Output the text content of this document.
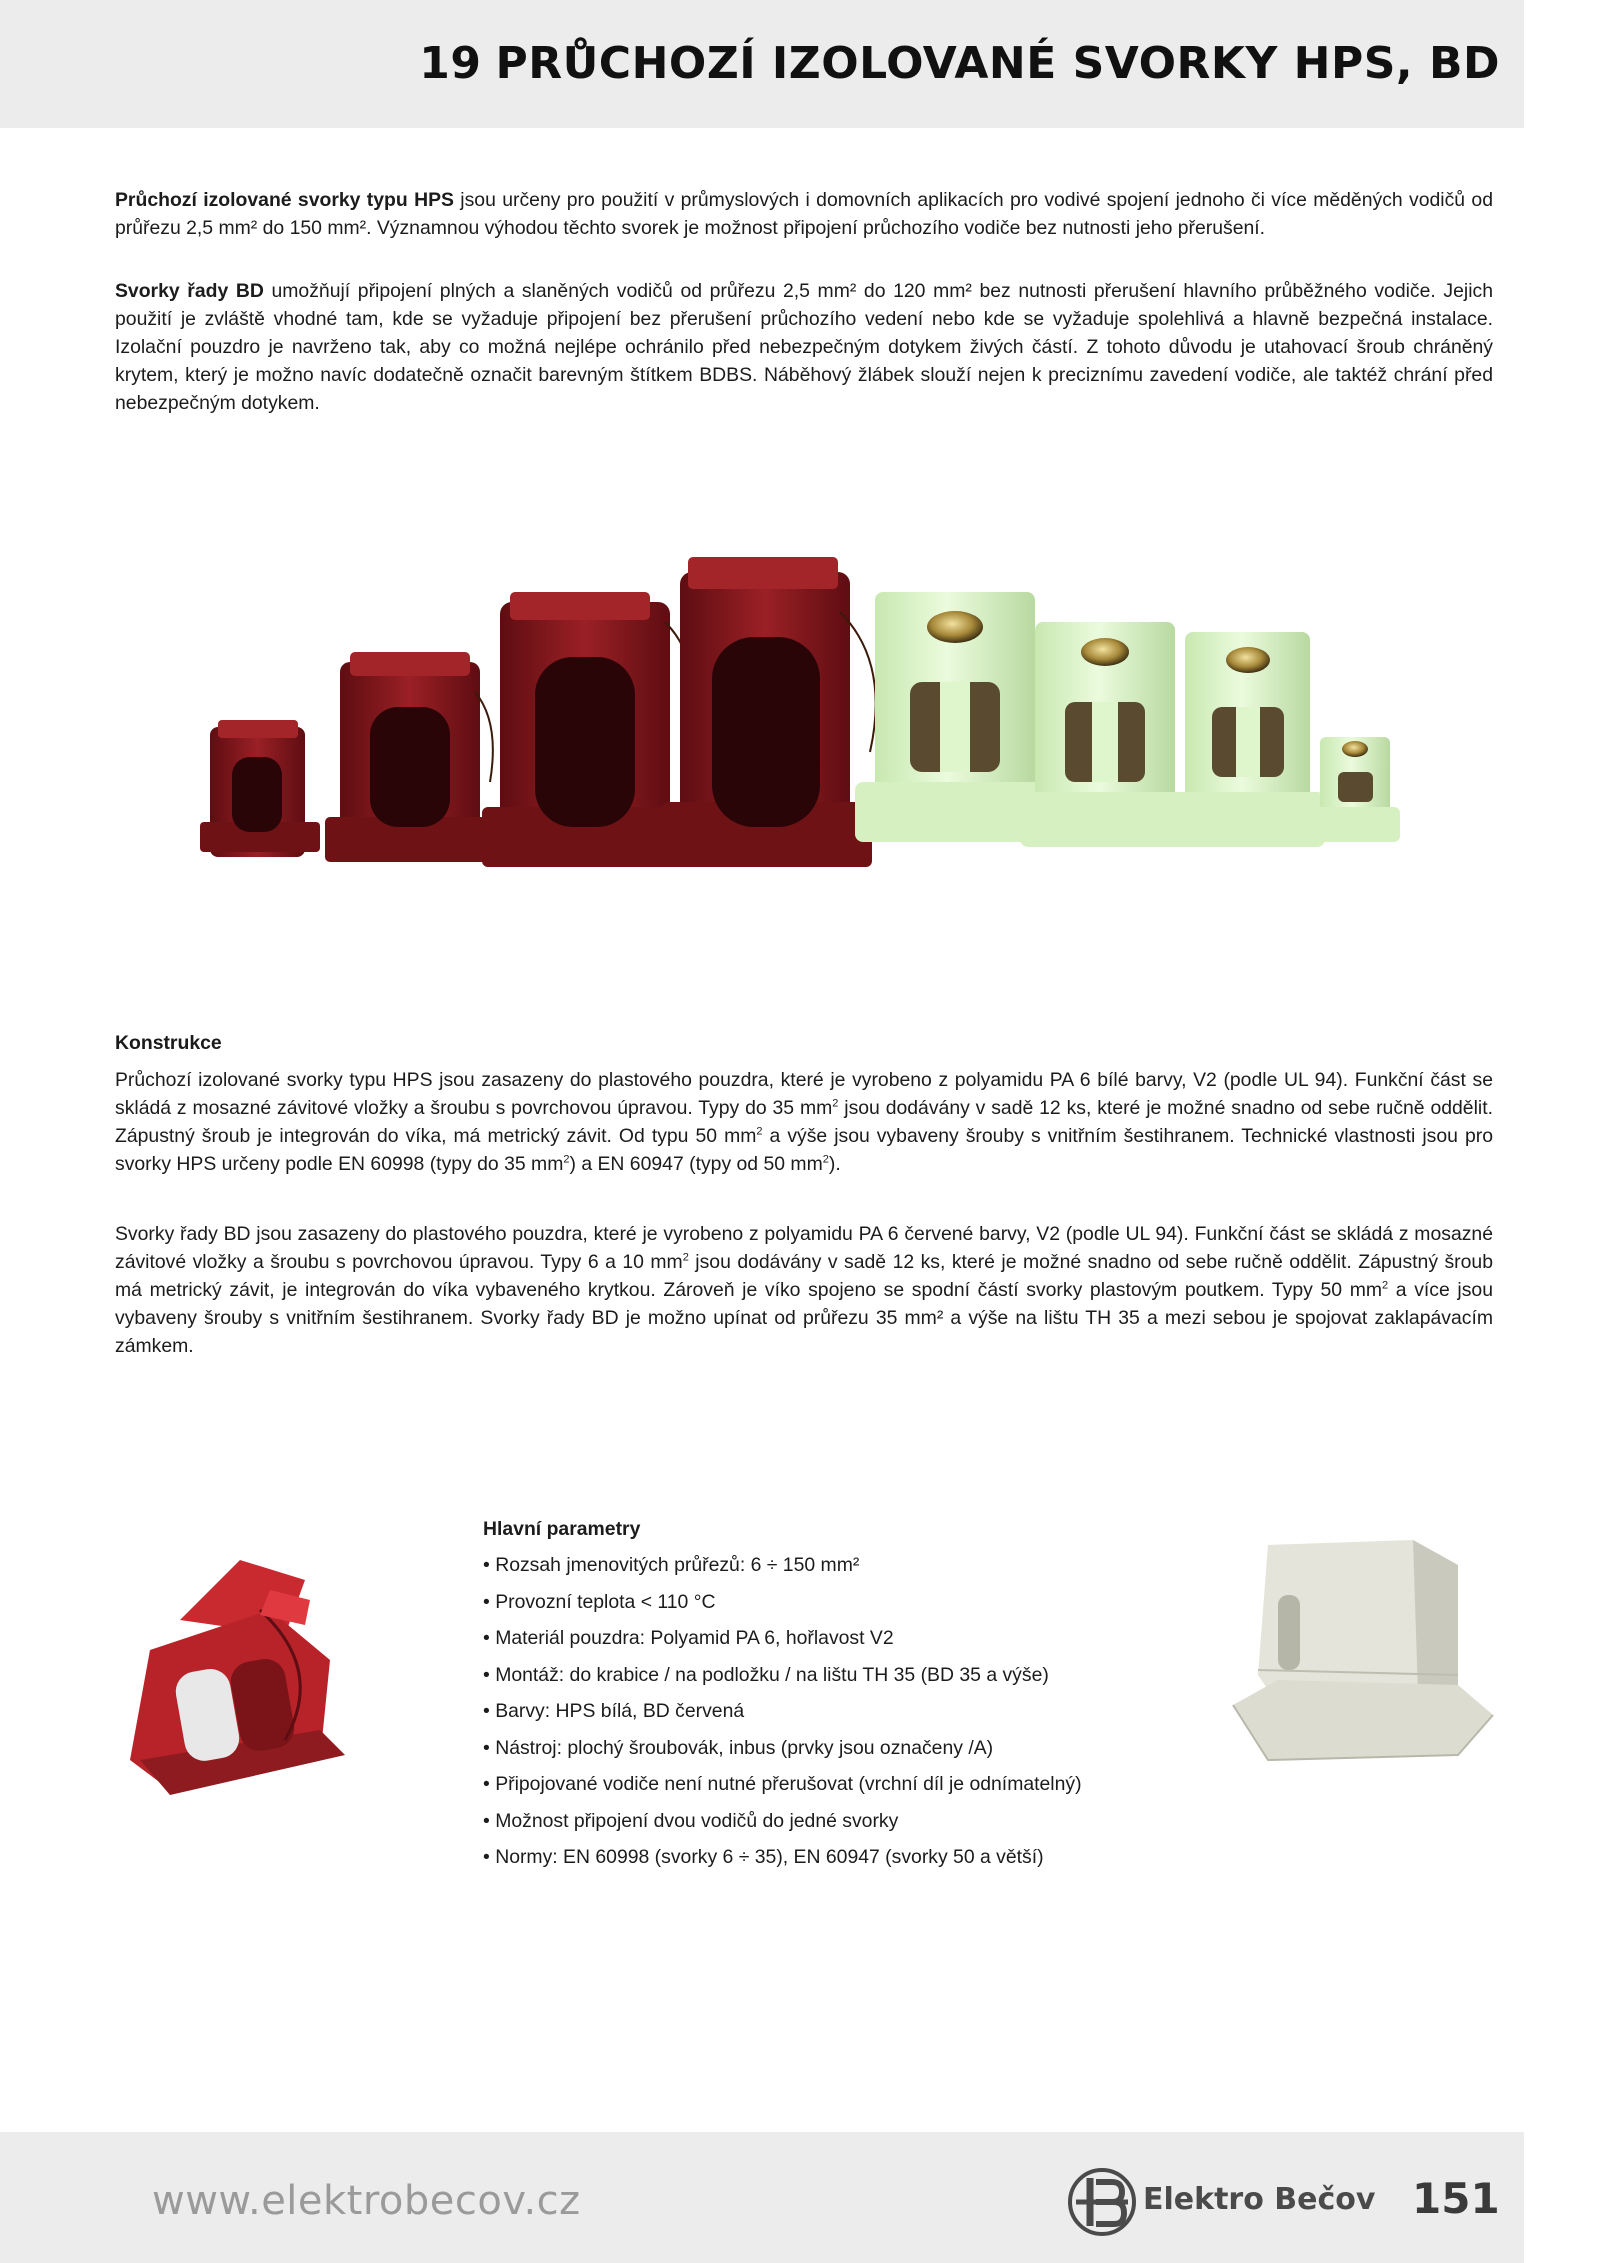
19 PRŮCHOZÍ IZOLOVANÉ SVORKY HPS, BD

Průchozí izolované svorky typu HPS jsou určeny pro použití v průmyslových i domovních aplikacích pro vodivé spojení jednoho či více měděných vodičů od průřezu 2,5 mm² do 150 mm². Významnou výhodou těchto svorek je možnost připojení průchozího vodiče bez nutnosti jeho přerušení.

Svorky řady BD umožňují připojení plných a slaněných vodičů od průřezu 2,5 mm² do 120 mm² bez nutnosti přerušení hlavního průběžného vodiče. Jejich použití je zvláště vhodné tam, kde se vyžaduje připojení bez přerušení průchozího vedení nebo kde se vyžaduje spolehlivá a hlavně bezpečná instalace. Izolační pouzdro je navrženo tak, aby co možná nejlépe ochránilo před nebezpečným dotykem živých částí. Z tohoto důvodu je utahovací šroub chráněný krytem, který je možno navíc dodatečně označit barevným štítkem BDBS. Náběhový žlábek slouží nejen k preciznímu zavedení vodiče, ale taktéž chrání před nebezpečným dotykem.

Konstrukce

Průchozí izolované svorky typu HPS jsou zasazeny do plastového pouzdra, které je vyrobeno z polyamidu PA 6 bílé barvy, V2 (podle UL 94). Funkční část se skládá z mosazné závitové vložky a šroubu s povrchovou úpravou. Typy do 35 $mm^2$ jsou dodávány v sadě 12 ks, které je možné snadno od sebe ručně oddělit. Zápustný šroub je integrován do víka, má metrický závit. Od typu 50 $mm^2$ a výše jsou vybaveny šrouby s vnitřním šestihranem. Technické vlastnosti jsou pro svorky HPS určeny podle EN 60998 (typy do 35 $mm^2$) a EN 60947 (typy od 50 $mm^2$).

Svorky řady BD jsou zasazeny do plastového pouzdra, které je vyrobeno z polyamidu PA 6 červené barvy, V2 (podle UL 94). Funkční část se skládá z mosazné závitové vložky a šroubu s povrchovou úpravou. Typy 6 a 10 $mm^2$ jsou dodávány v sadě 12 ks, které je možné snadno od sebe ručně oddělit. Zápustný šroub má metrický závit, je integrován do víka vybaveného krytkou. Zároveň je víko spojeno se spodní částí svorky plastovým poutkem. Typy 50 $mm^2$ a více jsou vybaveny šrouby s vnitřním šestihranem. Svorky řady BD je možno upínat od průřezu 35 mm² a výše na lištu TH 35 a mezi sebou je spojovat zaklapávacím zámkem.

Hlavní parametry
• Rozsah jmenovitých průřezů: 6 ÷ 150 mm²
• Provozní teplota < 110 °C
• Materiál pouzdra: Polyamid PA 6, hořlavost V2
• Montáž: do krabice / na podložku / na lištu TH 35 (BD 35 a výše)
• Barvy: HPS bílá, BD červená
• Nástroj: plochý šroubovák, inbus (prvky jsou označeny /A)
• Připojované vodiče není nutné přerušovat (vrchní díl je odnímatelný)
• Možnost připojení dvou vodičů do jedné svorky
• Normy: EN 60998 (svorky 6 ÷ 35), EN 60947 (svorky 50 a větší)
www.elektrobecov.cz	Elektro Bečov 151
